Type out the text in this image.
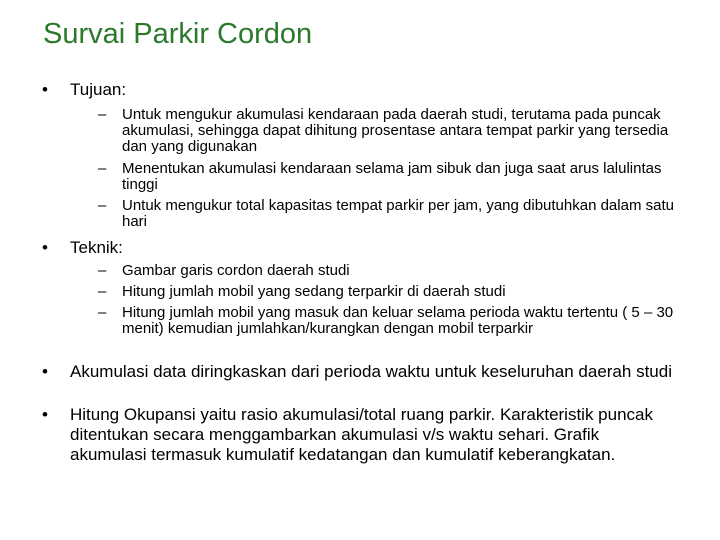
Survai Parkir Cordon
• Tujuan:
– Untuk mengukur akumulasi kendaraan pada daerah studi, terutama pada puncak akumulasi, sehingga dapat dihitung prosentase antara tempat parkir yang tersedia dan yang digunakan
– Menentukan akumulasi kendaraan selama jam sibuk dan juga saat arus lalulintas tinggi
– Untuk mengukur total kapasitas tempat parkir per jam, yang dibutuhkan dalam satu hari
• Teknik:
– Gambar garis cordon daerah studi
– Hitung jumlah mobil yang sedang terparkir di daerah studi
– Hitung jumlah mobil yang masuk dan keluar selama perioda waktu tertentu ( 5 – 30 menit) kemudian jumlahkan/kurangkan dengan mobil terparkir
• Akumulasi data diringkaskan dari perioda waktu untuk keseluruhan daerah studi
• Hitung Okupansi yaitu rasio akumulasi/total ruang parkir. Karakteristik puncak ditentukan secara menggambarkan akumulasi v/s waktu sehari. Grafik akumulasi termasuk kumulatif kedatangan dan kumulatif keberangkatan.
